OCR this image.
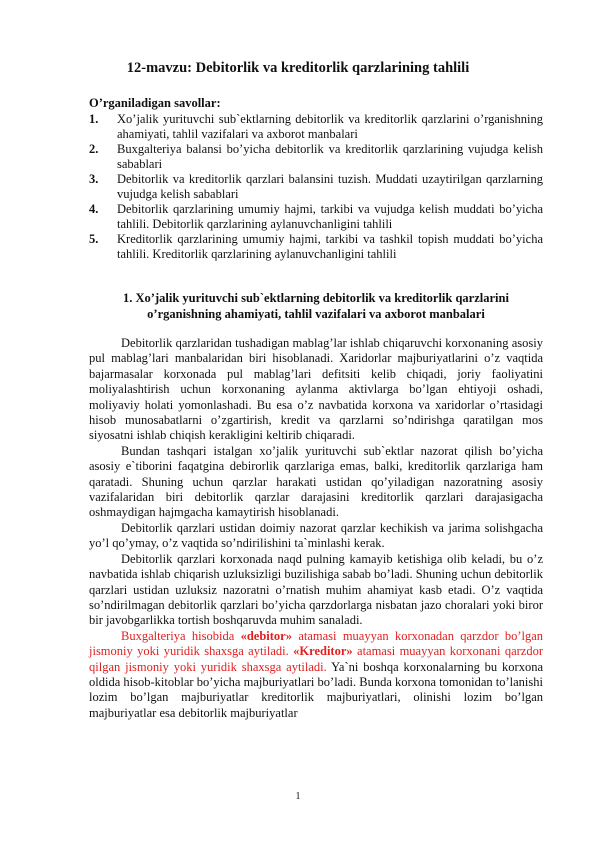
12-mavzu: Debitorlik va kreditorlik qarzlarining tahlili
O’rganiladigan savollar:
1. Xo’jalik yurituvchi sub`ektlarning debitorlik va kreditorlik qarzlarini o’rganishning ahamiyati, tahlil vazifalari va axborot manbalari
2. Buxgalteriya balansi bo’yicha debitorlik va kreditorlik qarzlarining vujudga kelish sabablari
3. Debitorlik va kreditorlik qarzlari balansini tuzish. Muddati uzaytirilgan qarzlarning vujudga kelish sabablari
4. Debitorlik qarzlarining umumiy hajmi, tarkibi va vujudga kelish muddati bo’yicha tahlili. Debitorlik qarzlarining aylanuvchanligini tahlili
5. Kreditorlik qarzlarining umumiy hajmi, tarkibi va tashkil topish muddati bo’yicha tahlili. Kreditorlik qarzlarining aylanuvchanligini tahlili
1. Xo’jalik yurituvchi sub`ektlarning debitorlik va kreditorlik qarzlarini
o’rganishning ahamiyati, tahlil vazifalari va axborot manbalari

Debitorlik qarzlaridan tushadigan mablag’lar ishlab chiqaruvchi korxonaning asosiy pul mablag’lari manbalaridan biri hisoblanadi. Xaridorlar majburiyatlarini o’z vaqtida bajarmasalar korxonada pul mablag’lari defitsiti kelib chiqadi, joriy faoliyatini moliyalashtirish uchun korxonaning aylanma aktivlarga bo’lgan ehtiyoji oshadi, moliyaviy holati yomonlashadi. Bu esa o’z navbatida korxona va xaridorlar o’rtasidagi hisob munosabatlarni o’zgartirish, kredit va qarzlarni so’ndirishga qaratilgan mos siyosatni ishlab chiqish kerakligini keltirib chiqaradi.

Bundan tashqari istalgan xo’jalik yurituvchi sub`ektlar nazorat qilish bo’yicha asosiy e`tiborini faqatgina debirorlik qarzlariga emas, balki, kreditorlik qarzlariga ham qaratadi. Shuning uchun qarzlar harakati ustidan qo’yiladigan nazoratning asosiy vazifalaridan biri debitorlik qarzlar darajasini kreditorlik qarzlari darajasigacha oshmaydigan hajmgacha kamaytirish hisoblanadi.

Debitorlik qarzlari ustidan doimiy nazorat qarzlar kechikish va jarima solishgacha yo’l qo’ymay, o’z vaqtida so’ndirilishini ta`minlashi kerak.

Debitorlik qarzlari korxonada naqd pulning kamayib ketishiga olib keladi, bu o’z navbatida ishlab chiqarish uzluksizligi buzilishiga sabab bo’ladi. Shuning uchun debitorlik qarzlari ustidan uzluksiz nazoratni o’rnatish muhim ahamiyat kasb etadi. O’z vaqtida so’ndirilmagan debitorlik qarzlari bo’yicha qarzdorlarga nisbatan jazo choralari yoki biror bir javobgarlikka tortish boshqaruvda muhim sanaladi.

Buxgalteriya hisobida «debitor» atamasi muayyan korxonadan qarzdor bo’lgan jismoniy yoki yuridik shaxsga aytiladi. «Kreditor» atamasi muayyan korxonani qarzdor qilgan jismoniy yoki yuridik shaxsga aytiladi. Ya`ni boshqa korxonalarning bu korxona oldida hisob-kitoblar bo’yicha majburiyatlari bo’ladi. Bunda korxona tomonidan to’lanishi lozim bo’lgan majburiyatlar kreditorlik majburiyatlari, olinishi lozim bo’lgan majburiyatlar esa debitorlik majburiyatlar

1
